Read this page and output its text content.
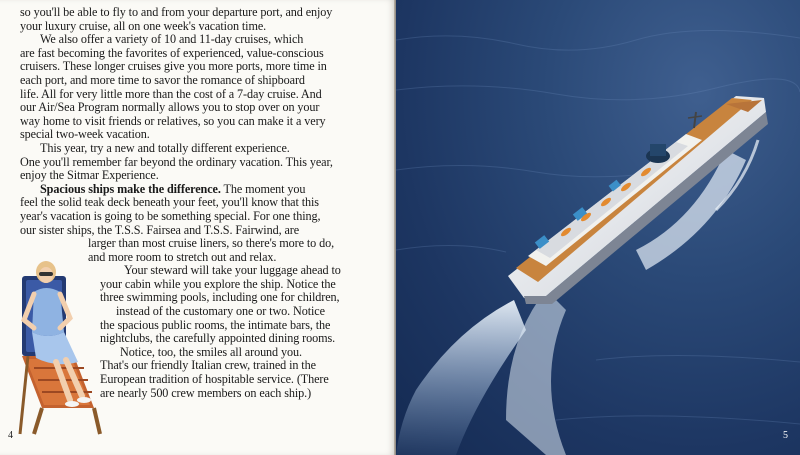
so you'll be able to fly to and from your departure port, and enjoy
your luxury cruise, all on one week's vacation time.
We also offer a variety of 10 and 11-day cruises, which
are fast becoming the favorites of experienced, value-conscious
cruisers. These longer cruises give you more ports, more time in
each port, and more time to savor the romance of shipboard
life. All for very little more than the cost of a 7-day cruise. And
our Air/Sea Program normally allows you to stop over on your
way home to visit friends or relatives, so you can make it a very
special two-week vacation.
This year, try a new and totally different experience.
One you'll remember far beyond the ordinary vacation. This year,
enjoy the Sitmar Experience.
Spacious ships make the difference. The moment you
feel the solid teak deck beneath your feet, you'll know that this
year's vacation is going to be something special. For one thing,
our sister ships, the T.S.S. Fairsea and T.S.S. Fairwind, are
larger than most cruise liners, so there's more to do,
and more room to stretch out and relax.
Your steward will take your luggage ahead to
your cabin while you explore the ship. Notice the
three swimming pools, including one for children,
instead of the customary one or two. Notice
the spacious public rooms, the intimate bars, the
nightclubs, the carefully appointed dining rooms.
Notice, too, the smiles all around you.
That's our friendly Italian crew, trained in the
European tradition of hospitable service. (There
are nearly 500 crew members on each ship.)
4	5
